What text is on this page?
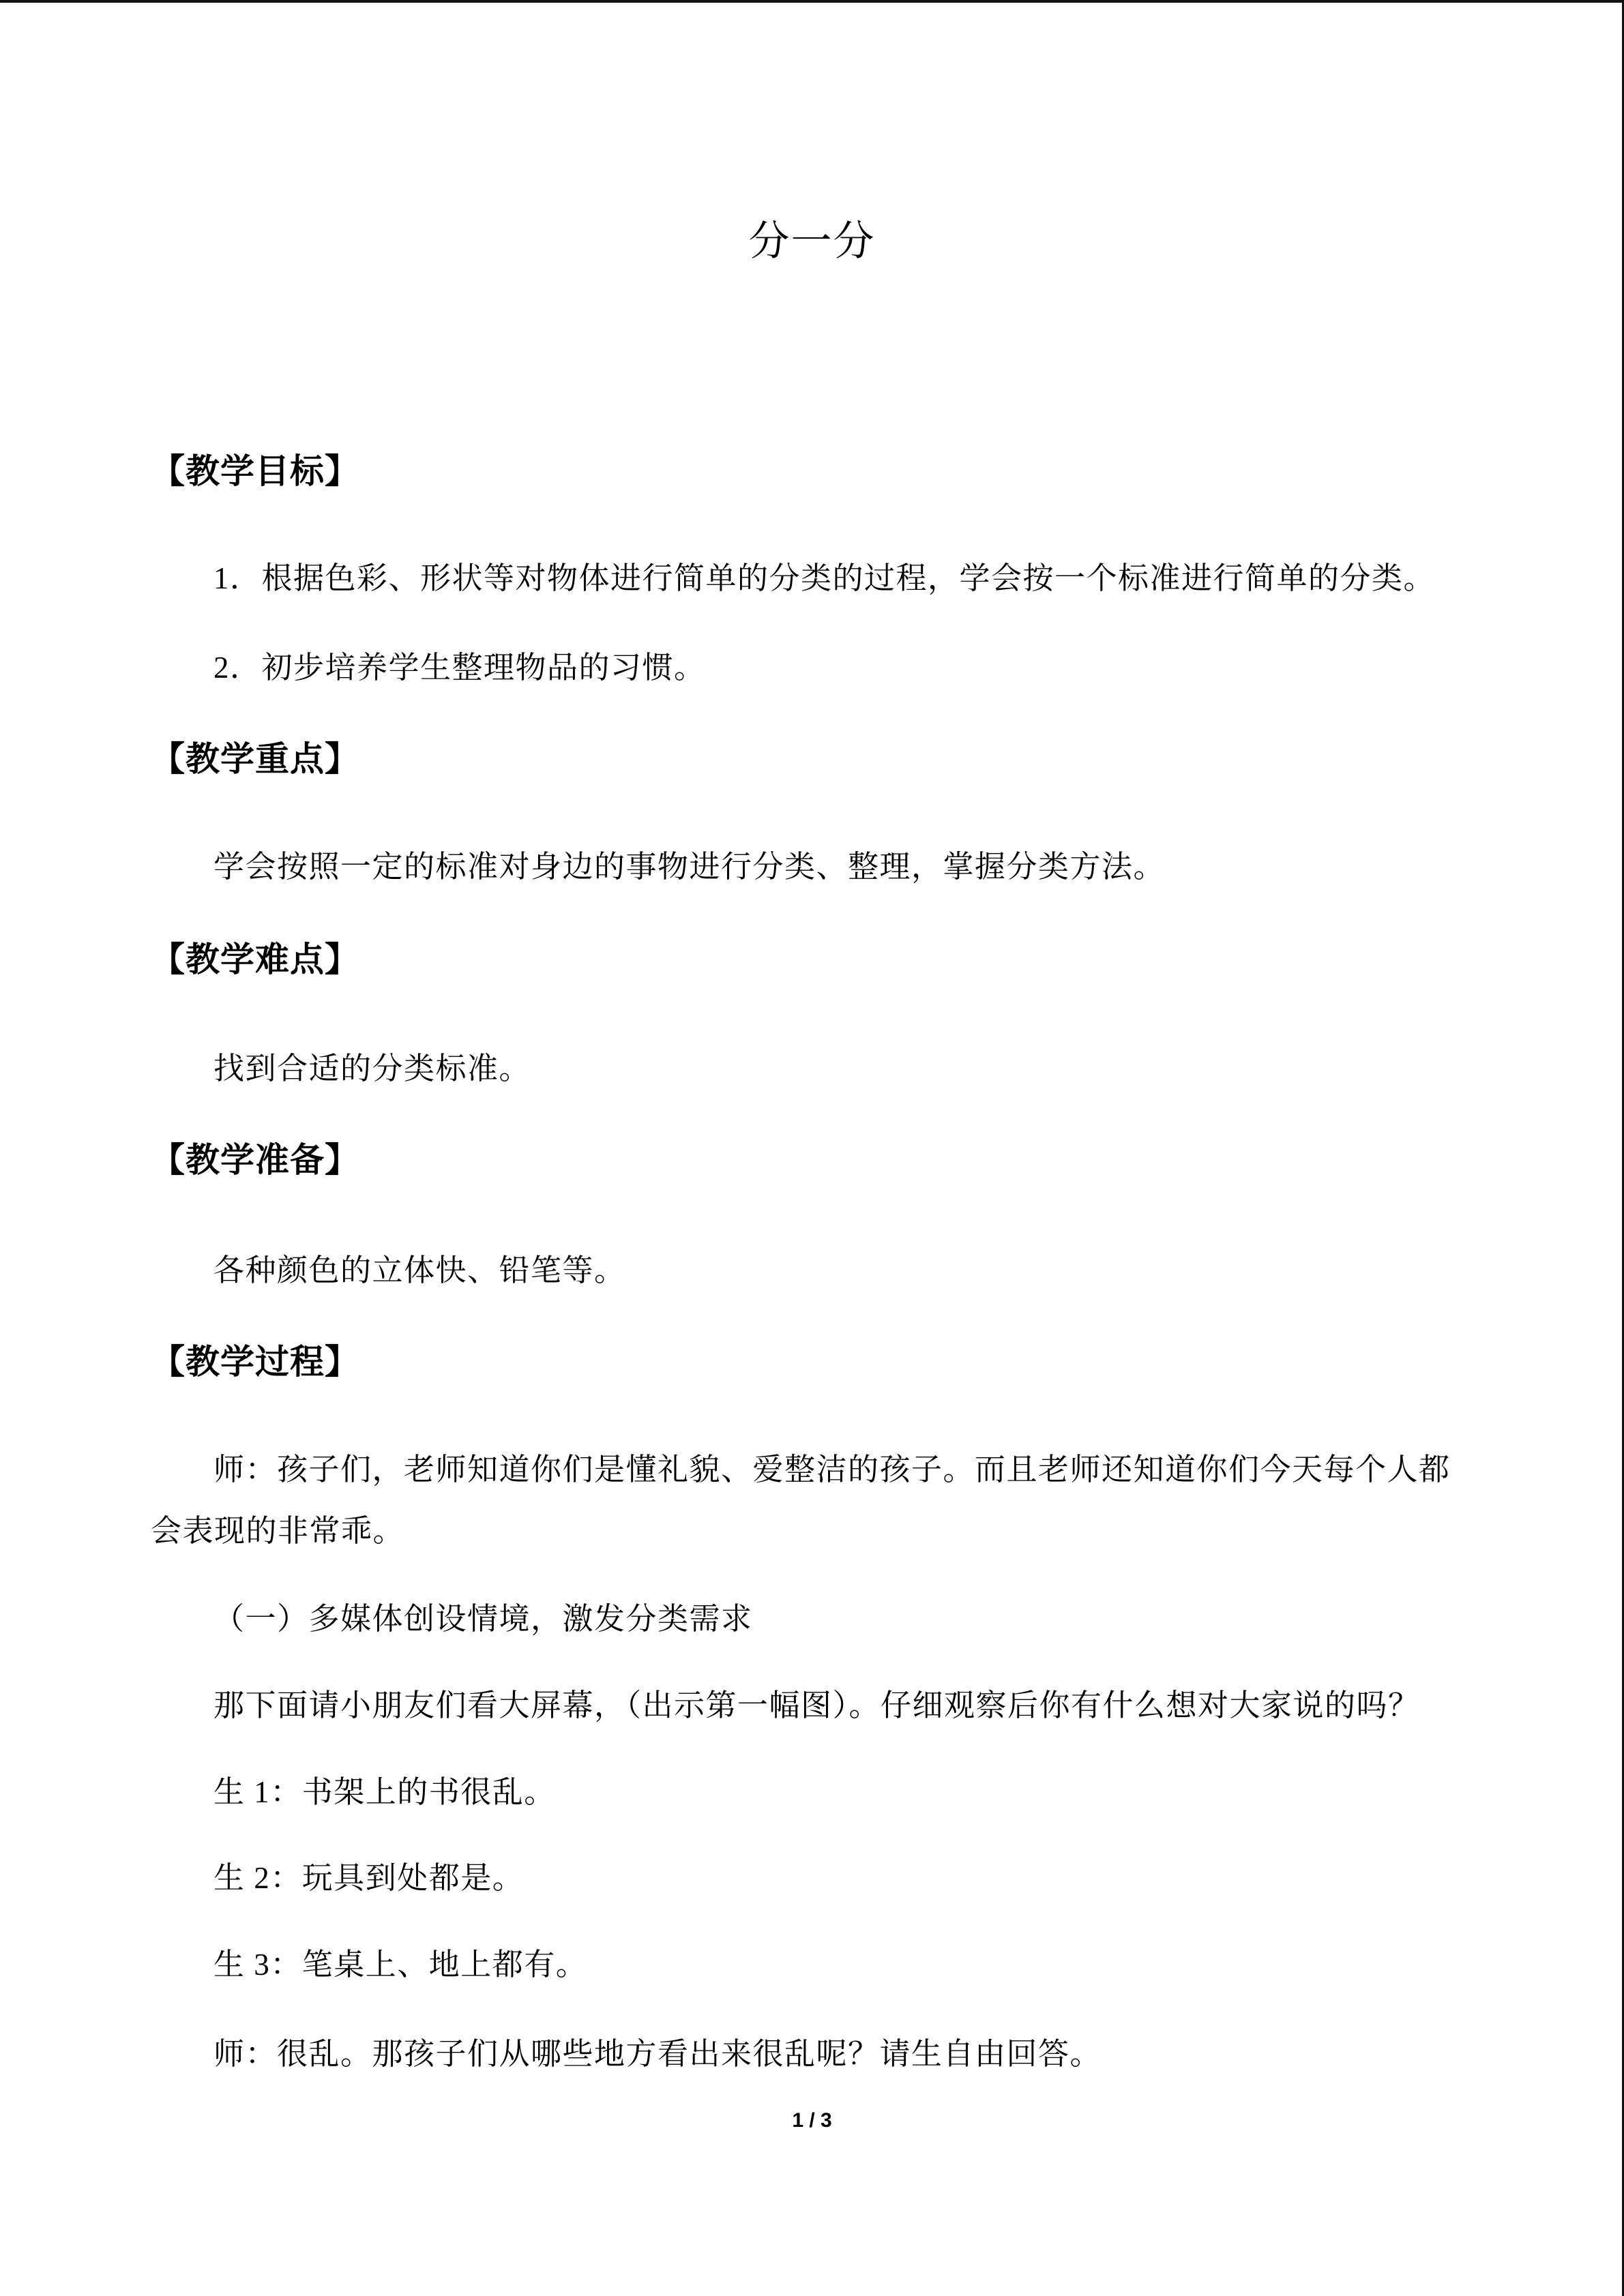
分一分
【教学目标】
1．根据色彩、形状等对物体进行简单的分类的过程，学会按一个标准进行简单的分类。
2．初步培养学生整理物品的习惯。
【教学重点】
学会按照一定的标准对身边的事物进行分类、整理，掌握分类方法。
【教学难点】
找到合适的分类标准。
【教学准备】
各种颜色的立体快、铅笔等。
【教学过程】
师：孩子们，老师知道你们是懂礼貌、爱整洁的孩子。而且老师还知道你们今天每个人都会表现的非常乖。
（一）多媒体创设情境，激发分类需求
那下面请小朋友们看大屏幕，（出示第一幅图）。仔细观察后你有什么想对大家说的吗？
生 1：书架上的书很乱。
生 2：玩具到处都是。
生 3：笔桌上、地上都有。
师：很乱。那孩子们从哪些地方看出来很乱呢？请生自由回答。
1 / 3
